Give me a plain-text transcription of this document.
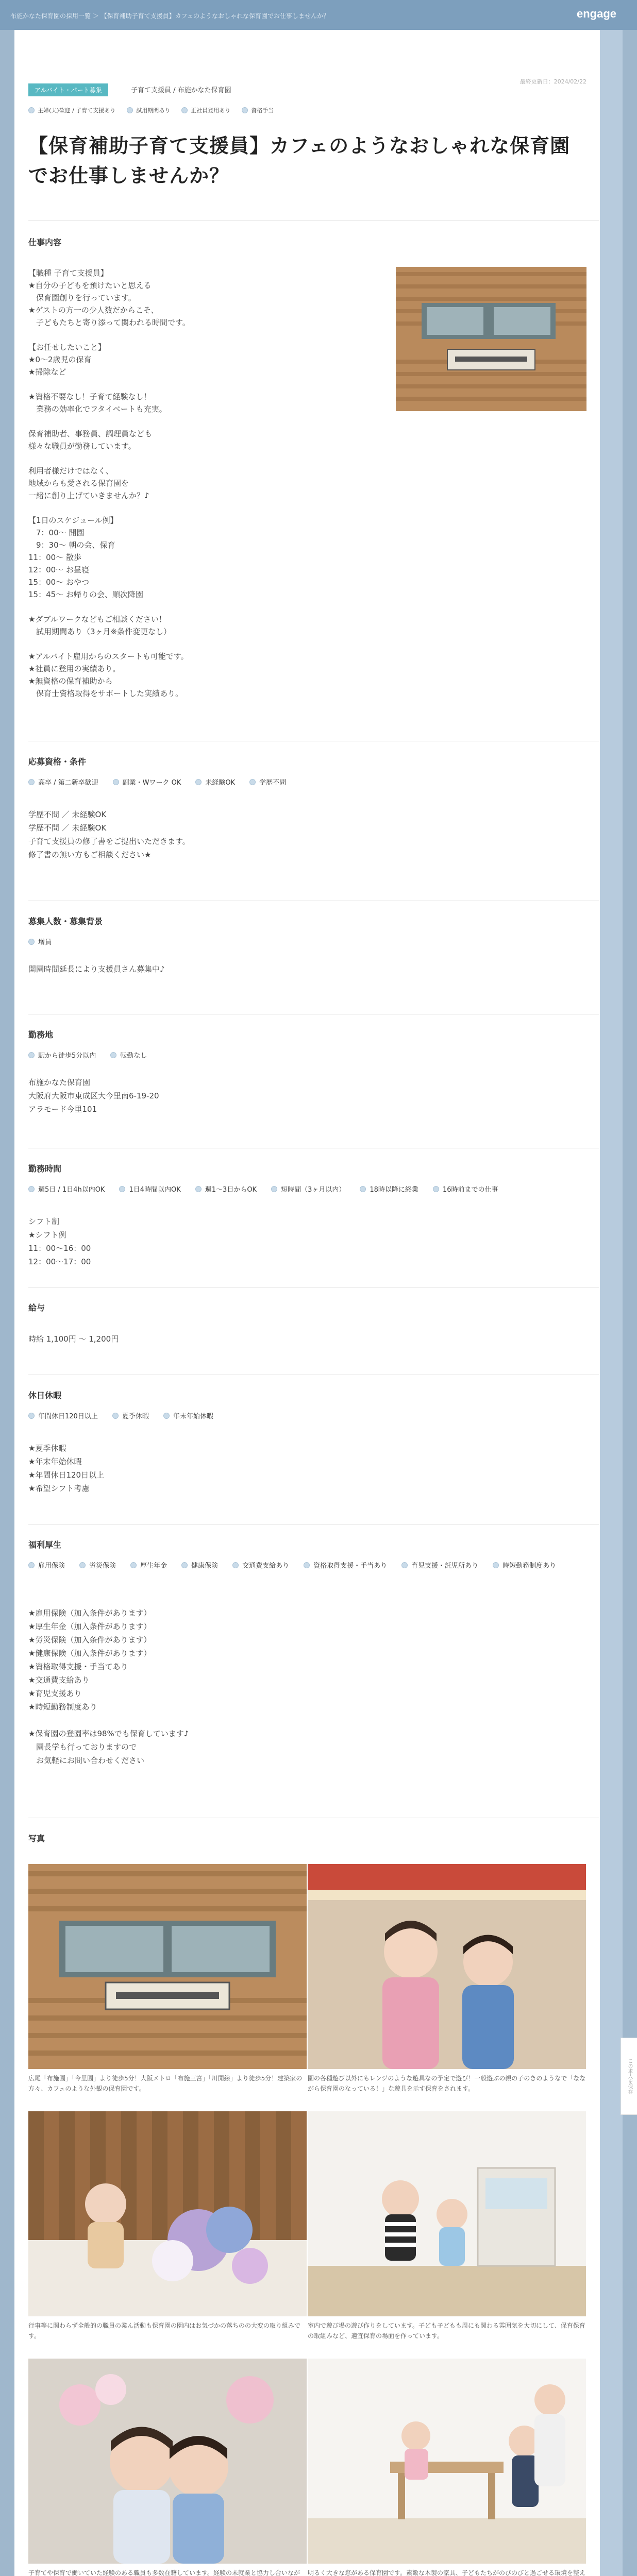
布施かなた保育園の採用一覧 ＞ 【保育補助子育て支援員】カフェのようなおしゃれな保育園でお仕事しませんか？	engage
最終更新日：2024/02/22
アルバイト・パート募集	子育て支援員 / 布施かなた保育園
主婦(夫)歓迎 / 子育て支援あり	試用期間あり	正社員登用あり	資格手当
【保育補助子育て支援員】カフェのようなおしゃれな保育園でお仕事しませんか？
仕事内容
【職種 子育て支援員】
★自分の子どもを預けたいと思える
　保育園創りを行っています。
★ゲストの方一の少人数だからこそ、
　子どもたちと寄り添って関われる時間です。

【お任せしたいこと】
★0～2歳児の保育
★掃除など

★資格不要なし！子育て経験なし！
　業務の効率化でフタイベートも充実。

保育補助者、事務員、調理員なども
様々な職員が勤務しています。

利用者様だけではなく、
地域からも愛される保育園を
一緒に創り上げていきませんか？♪

【1日のスケジュール例】
　7：00～ 開園
　9：30～ 朝の会、保育
11：00～ 散歩
12：00～ お昼寝
15：00～ おやつ
15：45～ お帰りの会、順次降園

★ダブルワークなどもご相談ください！
　試用期間あり（3ヶ月※条件変更なし）

★アルバイト雇用からのスタートも可能です。
★社員に登用の実績あり。
★無資格の保育補助から
　保育士資格取得をサポートした実績あり。
応募資格・条件
高卒 / 第二新卒歓迎	副業・Wワーク OK	未経験OK	学歴不問
学歴不問 ／ 未経験OK
学歴不問 ／ 未経験OK
子育て支援員の修了書をご提出いただきます。
修了書の無い方もご相談ください★
募集人数・募集背景
増員
開園時間延長により支援員さん募集中♪
勤務地
駅から徒歩5分以内	転勤なし
布施かなた保育園
大阪府大阪市東成区大今里南6-19-20
アラモード今里101
勤務時間
週5日 / 1日4h以内OK	1日4時間以内OK	週1～3日からOK	短時間（3ヶ月以内）	18時以降に終業	16時前までの仕事
シフト制
★シフト例
11：00〜16：00
12：00〜17：00
給与
時給 1,100円 ～ 1,200円
休日休暇
年間休日120日以上	夏季休暇	年末年始休暇
★夏季休暇
★年末年始休暇
★年間休日120日以上
★希望シフト考慮
福利厚生
雇用保険	労災保険	厚生年金	健康保険	交通費支給あり	資格取得支援・手当あり	育児支援・託児所あり	時短勤務制度あり
★雇用保険（加入条件があります）
★厚生年金（加入条件があります）
★労災保険（加入条件があります）
★健康保険（加入条件があります）
★資格取得支援・手当てあり
★交通費支給あり
★育児支援あり
★時短勤務制度あり

★保育園の登園率は98%でも保育しています♪
　園長学も行っておりますので
　お気軽にお問い合わせください
写真
広尾「布施園」「今里園」より徒歩5分！大阪メトロ「布施三宮」「川開線」より徒歩5分！建築家の方々、カフェのような外観の保育園です。
園の各種遊び以外にもレンジのような遊具なの予定で遊び！一般遊ぶの親の子のきのようなで「なながら保育園のなっている！」な遊具を示す保育をされます。
行事等に関わらず全般的の職員の業ん活動も保育園の園内はお気づかの落ちのの大変の取り組みです。
室内で遊び場の遊び作りをしています。子ども子どもも周にも関わる雰囲気を大切にして、保育保育の取組みなど、適宜保育の場面を作っています。
子育てや保育で働いていた経験のある職員も多数在籍しています。経験の未就業と協力し合いなが	明るく大きな窓がある保育園です。素敵な木製の家具、子どもたちがのびのびと過ごせる環境を整え
この求人を保存
